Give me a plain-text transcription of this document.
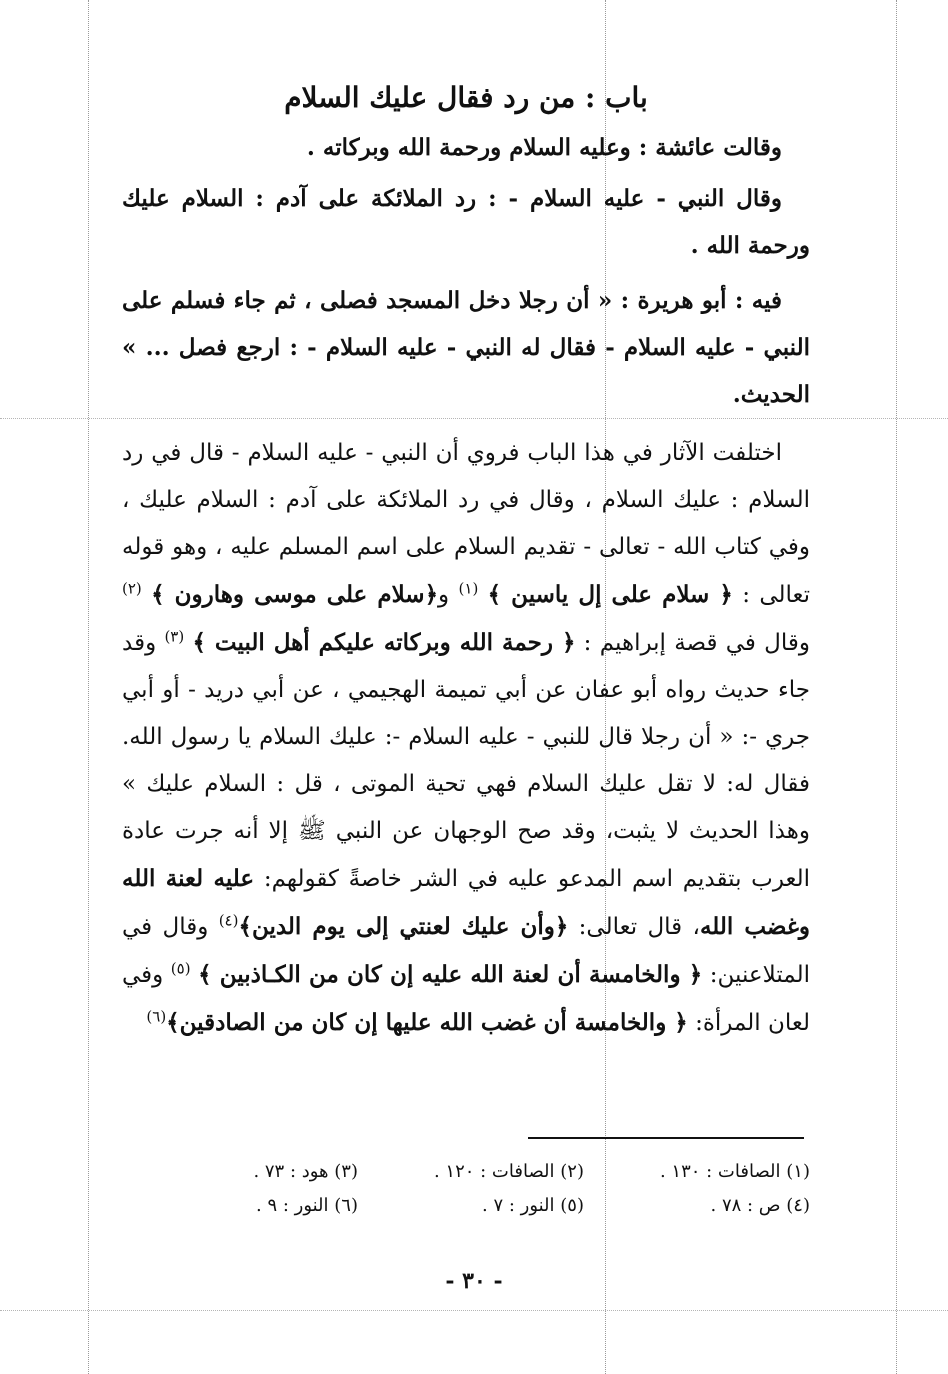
باب : من رد فقال عليك السلام

وقالت عائشة : وعليه السلام ورحمة الله وبركاته .

وقال النبي - عليه السلام - : رد الملائكة على آدم : السلام عليك ورحمة الله .

فيه : أبو هريرة : « أن رجلا دخل المسجد فصلى ، ثم جاء فسلم على النبي - عليه السلام - فقال له النبي - عليه السلام - : ارجع فصل ... » الحديث.

اختلفت الآثار في هذا الباب فروي أن النبي - عليه السلام - قال في رد السلام : عليك السلام ، وقال في رد الملائكة على آدم : السلام عليك ، وفي كتاب الله - تعالى - تقديم السلام على اسم المسلم عليه ، وهو قوله تعالى : ﴿ سلام على إل ياسين ﴾ $^{(١)}$ و﴿سلام على موسى وهارون ﴾ $^{(٢)}$ وقال في قصة إبراهيم : ﴿ رحمة الله وبركاته عليكم أهل البيت ﴾ $^{(٣)}$ وقد جاء حديث رواه أبو عفان عن أبي تميمة الهجيمي ، عن أبي دريد - أو أبي جري -: « أن رجلا قال للنبي - عليه السلام -: عليك السلام يا رسول الله. فقال له: لا تقل عليك السلام فهي تحية الموتى ، قل : السلام عليك » وهذا الحديث لا يثبت، وقد صح الوجهان عن النبي ﷺ إلا أنه جرت عادة العرب بتقديم اسم المدعو عليه في الشر خاصةً كقولهم: عليه لعنة الله وغضب الله، قال تعالى: ﴿وأن عليك لعنتي إلى يوم الدين﴾$^{(٤)}$ وقال في المتلاعنين: ﴿ والخامسة أن لعنة الله عليه إن كان من الكـاذبين ﴾ $^{(٥)}$ وفي لعان المرأة: ﴿ والخامسة أن غضب الله عليها إن كان من الصادقين﴾$^{(٦)}$

(١) الصافات : ١٣٠ .
(٢) الصافات : ١٢٠ .
(٣) هود : ٧٣ .
(٤) ص : ٧٨ .
(٥) النور : ٧ .
(٦) النور : ٩ .
- ٣٠ -
